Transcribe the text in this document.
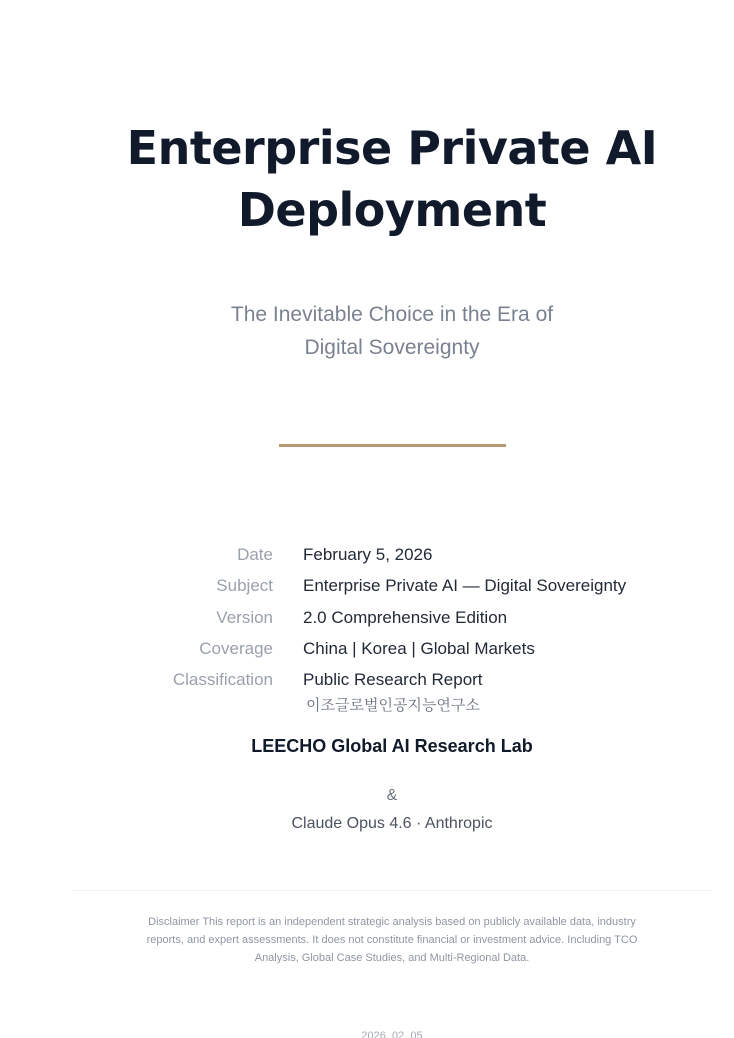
Enterprise Private AI
Deployment
The Inevitable Choice in the Era of
Digital Sovereignty
Date February 5, 2026
Subject Enterprise Private AI — Digital Sovereignty
Version 2.0 Comprehensive Edition
Coverage China | Korea | Global Markets
Classification Public Research Report
이조글로벌인공지능연구소
LEECHO Global AI Research Lab
&
Claude Opus 4.6 · Anthropic
Disclaimer This report is an independent strategic analysis based on publicly available data, industry reports, and expert assessments. It does not constitute financial or investment advice. Including TCO Analysis, Global Case Studies, and Multi-Regional Data.
2026. 02. 05
